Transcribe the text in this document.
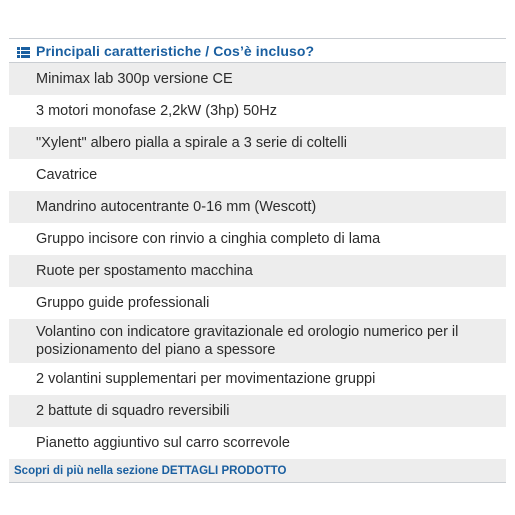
Principali caratteristiche / Cos’è incluso?
Minimax lab 300p versione CE
3 motori monofase 2,2kW (3hp) 50Hz
"Xylent" albero pialla a spirale a 3 serie di coltelli
Cavatrice
Mandrino autocentrante 0-16 mm (Wescott)
Gruppo incisore con rinvio a cinghia completo di lama
Ruote per spostamento macchina
Gruppo guide professionali
Volantino con indicatore gravitazionale ed orologio numerico per il posizionamento del piano a spessore
2 volantini supplementari per movimentazione gruppi
2 battute di squadro reversibili
Pianetto aggiuntivo sul carro scorrevole
Scopri di più nella sezione DETTAGLI PRODOTTO
